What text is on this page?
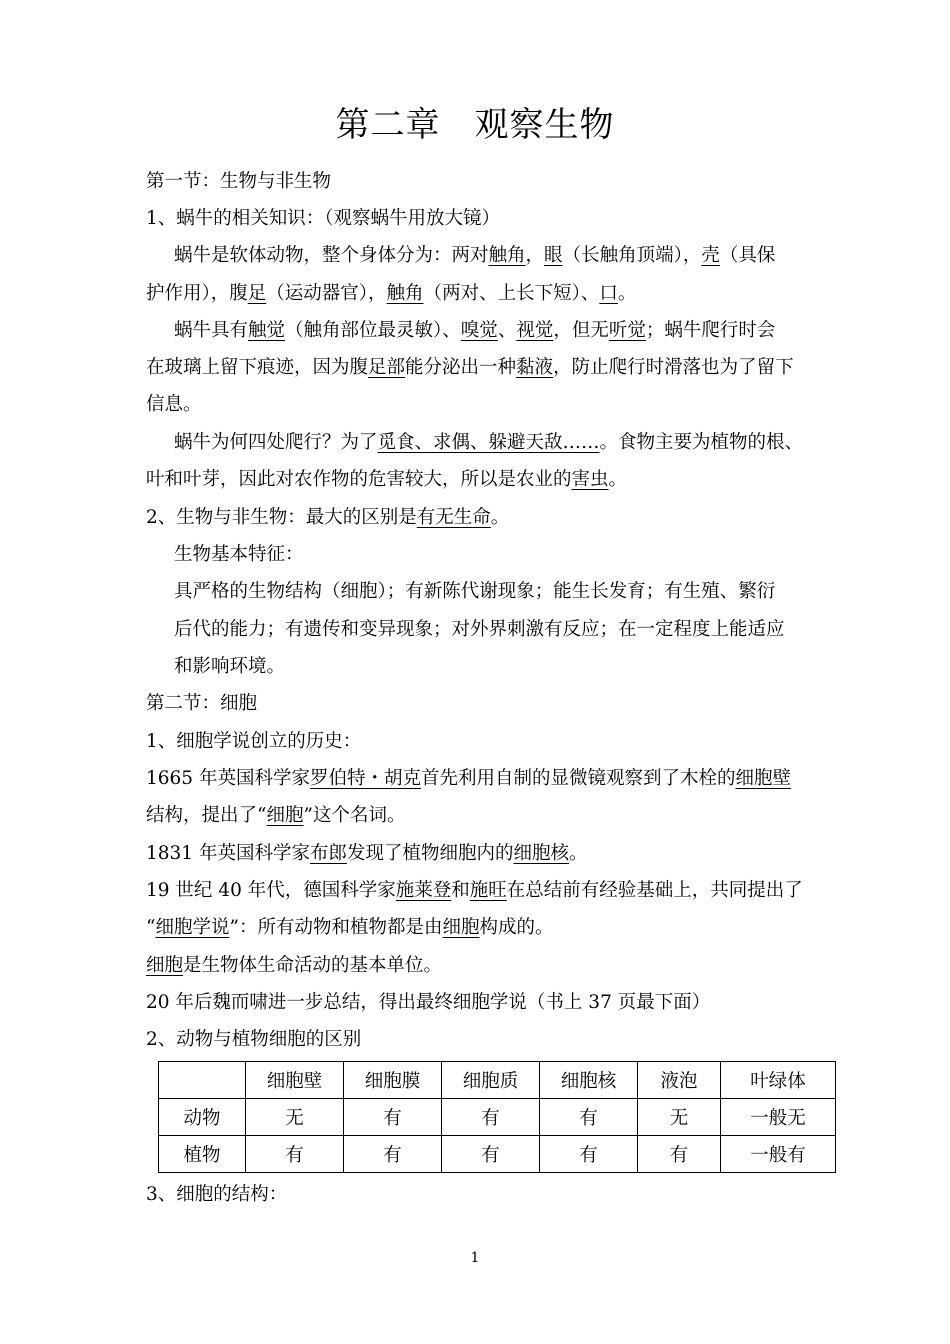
第二章 观察生物
第一节：生物与非生物
1、蜗牛的相关知识：（观察蜗牛用放大镜）
蜗牛是软体动物，整个身体分为：两对触角，眼（长触角顶端），壳（具保
护作用），腹足（运动器官），触角（两对、上长下短）、口。
蜗牛具有触觉（触角部位最灵敏）、嗅觉、视觉，但无听觉；蜗牛爬行时会
在玻璃上留下痕迹，因为腹足部能分泌出一种黏液，防止爬行时滑落也为了留下
信息。
蜗牛为何四处爬行？为了觅食、求偶、躲避天敌……。食物主要为植物的根、
叶和叶芽，因此对农作物的危害较大，所以是农业的害虫。
2、生物与非生物：最大的区别是有无生命。
生物基本特征：
具严格的生物结构（细胞）；有新陈代谢现象；能生长发育；有生殖、繁衍
后代的能力；有遗传和变异现象；对外界刺激有反应；在一定程度上能适应
和影响环境。
第二节：细胞
1、细胞学说创立的历史：
1665 年英国科学家罗伯特・胡克首先利用自制的显微镜观察到了木栓的细胞壁
结构，提出了“细胞”这个名词。
1831 年英国科学家布郎发现了植物细胞内的细胞核。
19 世纪 40 年代，德国科学家施莱登和施旺在总结前有经验基础上，共同提出了
“细胞学说”：所有动物和植物都是由细胞构成的。
细胞是生物体生命活动的基本单位。
20 年后魏而啸进一步总结，得出最终细胞学说（书上 37 页最下面）
2、动物与植物细胞的区别
	细胞壁	细胞膜	细胞质	细胞核	液泡	叶绿体
动物	无	有	有	有	无	一般无
植物	有	有	有	有	有	一般有
3、细胞的结构：
1
